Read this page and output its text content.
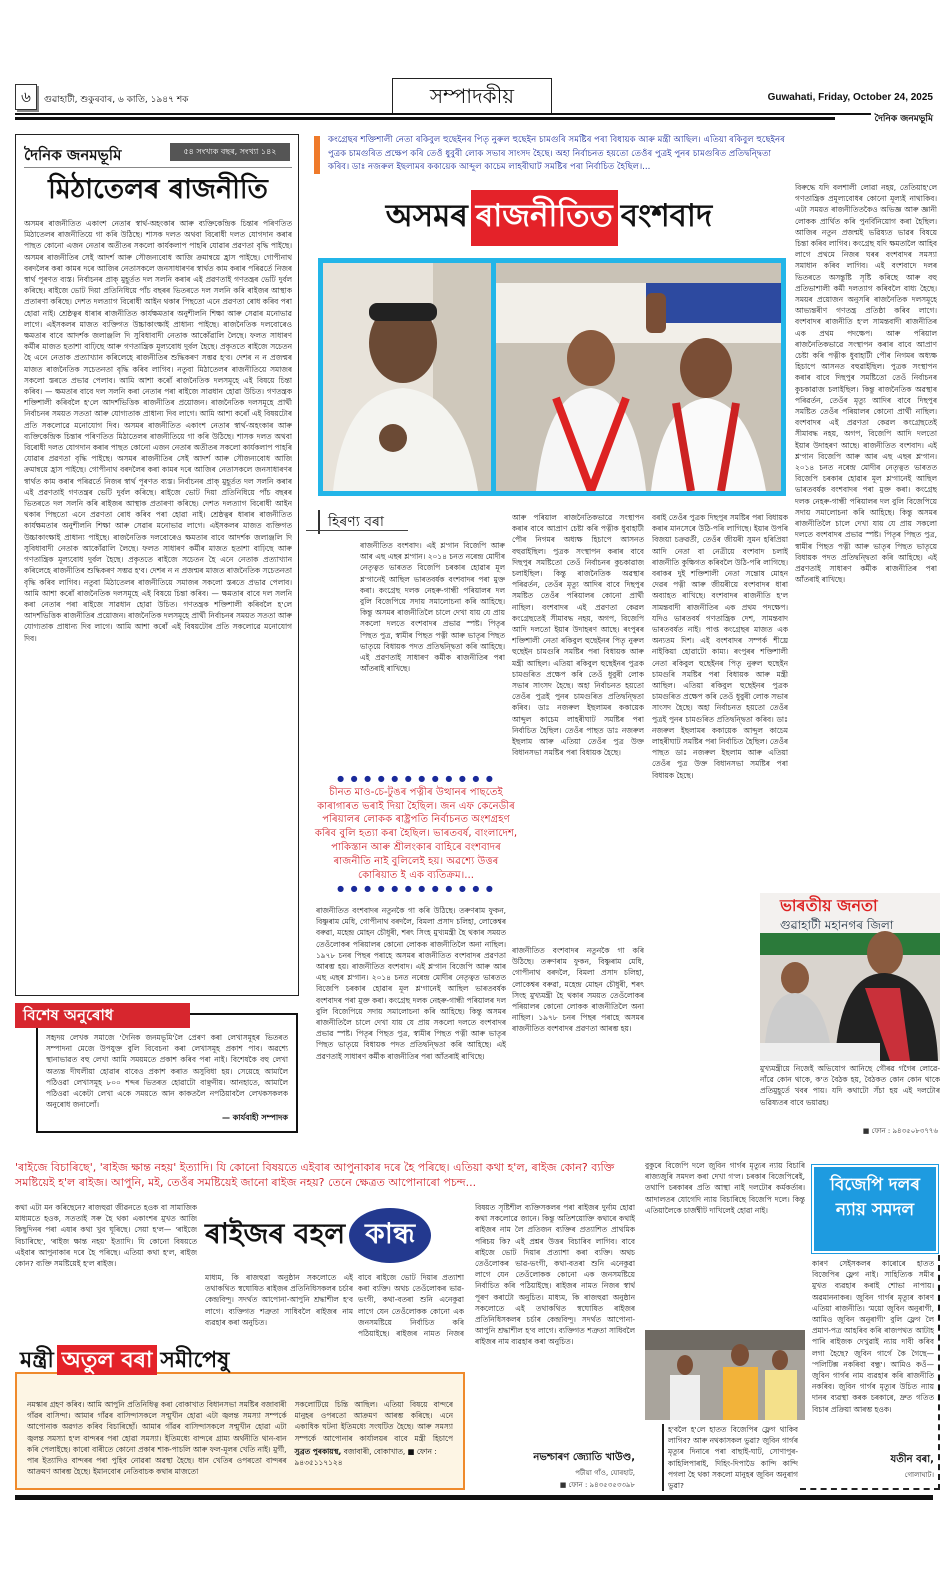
৬	গুৱাহাটী, শুকুৰবাৰ, ৬ কাতি, ১৯৪৭ শক	সম্পাদকীয়	Guwahati, Friday, October 24, 2025
দৈনিক জনমভূমি
দৈনিক জনমভূমি	৫৪ সংখ্যক বছৰ, সংখ্যা ১৪২
মিঠাতেলৰ ৰাজনীতি
অসমৰ ৰাজনীতিত একাংশ নেতাৰ স্বাৰ্থ-অহংকাৰ আৰু ব্যক্তিকেন্দ্ৰিক চিন্তাৰ পৰিণতিত মিঠাতেলৰ ৰাজনীতিয়ে গা কৰি উঠিছে। শাসক দলত অথবা বিৰোধী দলত যোগদান কৰাৰ পাছত কোনো এজন নেতাৰ অতীতৰ সকলো কাৰ্যকলাপ পাহৰি যোৱাৰ প্ৰৱণতা বৃদ্ধি পাইছে। অসমৰ ৰাজনীতিৰ সেই আদৰ্শ আৰু সৌজন্যবোধ আজি ক্ৰমান্বয়ে হ্ৰাস পাইছে। গোপীনাথ বৰদলৈৰ কৰা কামৰ দৰে আজিৰ নেতাসকলে জনসাধাৰণৰ স্বাৰ্থত কাম কৰাৰ পৰিৱৰ্তে নিজৰ স্বাৰ্থ পূৰণত ব্যস্ত। নিৰ্বাচনৰ প্ৰাক্ মুহূৰ্তত দল সলনি কৰাৰ এই প্ৰৱণতাই গণতন্ত্ৰৰ ভেটি দুৰ্বল কৰিছে। ৰাইজে ভোট দিয়া প্ৰতিনিধিয়ে পাঁচ বছৰৰ ভিতৰতে দল সলনি কৰি ৰাইজৰ আস্থাক প্ৰতাৰণা কৰিছে। দেশত দলত্যাগ বিৰোধী আইন থকাৰ পিছতো এনে প্ৰৱণতা ৰোধ কৰিব পৰা হোৱা নাই। শ্ৰেষ্ঠত্বৰ ধাৰাৰ ৰাজনীতিত কাৰ্যক্ষমতাৰ অনুশীলনি শিক্ষা আৰু সেৱাৰ মনোভাৱ লাগে। এইসকলৰ মাজত ব্যক্তিগত উচ্চাকাংক্ষাই প্ৰাধান্য পাইছে। ৰাজনৈতিক দলবোৰেও ক্ষমতাৰ বাবে আদৰ্শক জলাঞ্জলি দি সুবিধাবাদী নেতাক আকোঁৱালি লৈছে। ফলত সাধাৰণ কৰ্মীৰ মাজত হতাশা বাঢ়িছে আৰু গণতান্ত্ৰিক মূল্যবোধ দুৰ্বল হৈছে। প্ৰকৃততে ৰাইজে সচেতন হৈ এনে নেতাক প্ৰত্যাখ্যান কৰিলেহে ৰাজনীতিৰ শুদ্ধিকৰণ সম্ভৱ হ'ব। দেশৰ ন ন প্ৰজন্মৰ মাজত ৰাজনৈতিক সচেতনতা বৃদ্ধি কৰিব লাগিব। নতুবা মিঠাতেলৰ ৰাজনীতিয়ে সমাজৰ সকলো স্তৰতে প্ৰভাৱ পেলাব। আমি আশা কৰোঁ ৰাজনৈতিক দলসমূহে এই বিষয়ে চিন্তা কৰিব। — ক্ষমতাৰ বাবে দল সলনি কৰা নেতাৰ পৰা ৰাইজে সাৱধান হোৱা উচিত। গণতন্ত্ৰক শক্তিশালী কৰিবলৈ হ'লে আদৰ্শভিত্তিক ৰাজনীতিৰ প্ৰয়োজন। ৰাজনৈতিক দলসমূহে প্ৰাৰ্থী নিৰ্বাচনৰ সময়ত সততা আৰু যোগ্যতাক প্ৰাধান্য দিব লাগে। আমি আশা কৰোঁ এই বিষয়টোৰ প্ৰতি সকলোৱে মনোযোগ দিব। অসমৰ ৰাজনীতিত একাংশ নেতাৰ স্বাৰ্থ-অহংকাৰ আৰু ব্যক্তিকেন্দ্ৰিক চিন্তাৰ পৰিণতিত মিঠাতেলৰ ৰাজনীতিয়ে গা কৰি উঠিছে। শাসক দলত অথবা বিৰোধী দলত যোগদান কৰাৰ পাছত কোনো এজন নেতাৰ অতীতৰ সকলো কাৰ্যকলাপ পাহৰি যোৱাৰ প্ৰৱণতা বৃদ্ধি পাইছে। অসমৰ ৰাজনীতিৰ সেই আদৰ্শ আৰু সৌজন্যবোধ আজি ক্ৰমান্বয়ে হ্ৰাস পাইছে। গোপীনাথ বৰদলৈৰ কৰা কামৰ দৰে আজিৰ নেতাসকলে জনসাধাৰণৰ স্বাৰ্থত কাম কৰাৰ পৰিৱৰ্তে নিজৰ স্বাৰ্থ পূৰণত ব্যস্ত। নিৰ্বাচনৰ প্ৰাক্ মুহূৰ্তত দল সলনি কৰাৰ এই প্ৰৱণতাই গণতন্ত্ৰৰ ভেটি দুৰ্বল কৰিছে। ৰাইজে ভোট দিয়া প্ৰতিনিধিয়ে পাঁচ বছৰৰ ভিতৰতে দল সলনি কৰি ৰাইজৰ আস্থাক প্ৰতাৰণা কৰিছে। দেশত দলত্যাগ বিৰোধী আইন থকাৰ পিছতো এনে প্ৰৱণতা ৰোধ কৰিব পৰা হোৱা নাই। শ্ৰেষ্ঠত্বৰ ধাৰাৰ ৰাজনীতিত কাৰ্যক্ষমতাৰ অনুশীলনি শিক্ষা আৰু সেৱাৰ মনোভাৱ লাগে। এইসকলৰ মাজত ব্যক্তিগত উচ্চাকাংক্ষাই প্ৰাধান্য পাইছে। ৰাজনৈতিক দলবোৰেও ক্ষমতাৰ বাবে আদৰ্শক জলাঞ্জলি দি সুবিধাবাদী নেতাক আকোঁৱালি লৈছে। ফলত সাধাৰণ কৰ্মীৰ মাজত হতাশা বাঢ়িছে আৰু গণতান্ত্ৰিক মূল্যবোধ দুৰ্বল হৈছে। প্ৰকৃততে ৰাইজে সচেতন হৈ এনে নেতাক প্ৰত্যাখ্যান কৰিলেহে ৰাজনীতিৰ শুদ্ধিকৰণ সম্ভৱ হ'ব। দেশৰ ন ন প্ৰজন্মৰ মাজত ৰাজনৈতিক সচেতনতা বৃদ্ধি কৰিব লাগিব। নতুবা মিঠাতেলৰ ৰাজনীতিয়ে সমাজৰ সকলো স্তৰতে প্ৰভাৱ পেলাব। আমি আশা কৰোঁ ৰাজনৈতিক দলসমূহে এই বিষয়ে চিন্তা কৰিব। — ক্ষমতাৰ বাবে দল সলনি কৰা নেতাৰ পৰা ৰাইজে সাৱধান হোৱা উচিত। গণতন্ত্ৰক শক্তিশালী কৰিবলৈ হ'লে আদৰ্শভিত্তিক ৰাজনীতিৰ প্ৰয়োজন। ৰাজনৈতিক দলসমূহে প্ৰাৰ্থী নিৰ্বাচনৰ সময়ত সততা আৰু যোগ্যতাক প্ৰাধান্য দিব লাগে। আমি আশা কৰোঁ এই বিষয়টোৰ প্ৰতি সকলোৱে মনোযোগ দিব।
বিশেষ অনুৰোধ
সহৃদয় লেখক সমাজে 'দৈনিক জনমভূমি'লৈ প্ৰেৰণ কৰা লেখাসমূহৰ ভিতৰত সম্পাদনা মেজে উপযুক্ত বুলি বিবেচনা কৰা লেখাসমূহ প্ৰকাশ পাব। অৱশ্যে স্থানাভাৱত বহু লেখা আমি সময়মতে প্ৰকাশ কৰিব পৰা নাই। বিশেষকৈ বহু লেখা অত্যন্ত দীঘলীয়া হোৱাৰ বাবেও প্ৰকাশ কৰাত অসুবিধা হয়। সেয়েহে আমালৈ পঠিওৱা লেখাসমূহ ৮০০ শব্দৰ ভিতৰত হোৱাটো বাঞ্ছনীয়। আনহাতে, আমালৈ পঠিওৱা একেটা লেখা একে সময়তে আন কাকতলৈ নপঠিয়াবলৈ লেখকসকলক অনুৰোধ জনালোঁ।
— কাৰ্যবাহী সম্পাদক
কংগ্ৰেছৰ শক্তিশালী নেতা ৰকিবুল হুছেইনৰ পিতৃ নুৰুল হুছেইন চামগুৰি সমষ্টিৰ পৰা বিধায়ক আৰু মন্ত্ৰী আছিল। এতিয়া ৰকিবুল হুছেইনৰ পুত্ৰক চামগুৰিত প্ৰক্ষেপ কৰি তেওঁ ধুবুৰী লোক সভাৰ সাংসদ হৈছে। অহা নিৰ্বাচনত হয়তো তেওঁৰ পুত্ৰই পুনৰ চামগুৰিত প্ৰতিদ্বন্দ্বিতা কৰিব। ডাঃ নজৰুল ইছলামৰ ককায়েক আব্দুল কাচেম লাহৰীঘাট সমষ্টিৰ পৰা নিৰ্বাচিত হৈছিল।...
অসমৰ ৰাজনীতিত বংশবাদ
হিৰণ্য বৰা
ৰাজনীতিত বংশবাদ। এই শ্ল'গান বিজেপি আৰু আৰ এছ এছৰ শ্ল'গান। ২০১৪ চনত নৰেন্দ্ৰ মোদীৰ নেতৃত্বত ভাৰতত বিজেপি চৰকাৰ হোৱাৰ মূল শ্ল'গানেই আছিল ভাৰতবৰ্ষক বংশবাদৰ পৰা মুক্ত কৰা। কংগ্ৰেছ দলক নেহৰু-গান্ধী পৰিয়ালৰ দল বুলি বিজেপিয়ে সদায় সমালোচনা কৰি আহিছে। কিন্তু অসমৰ ৰাজনীতিলৈ চালে দেখা যায় যে প্ৰায় সকলো দলতে বংশবাদৰ প্ৰভাৱ স্পষ্ট। পিতৃৰ পিছত পুত্ৰ, স্বামীৰ পিছত পত্নী আৰু ভাতৃৰ পিছত ভাতৃয়ে বিধায়ক পদত প্ৰতিদ্বন্দ্বিতা কৰি আহিছে। এই প্ৰৱণতাই সাধাৰণ কৰ্মীক ৰাজনীতিৰ পৰা আঁতৰাই ৰাখিছে।
আৰু পৰিয়াল ৰাজনৈতিকভাৱে সংস্থাপন কৰাৰ বাবে আপ্ৰাণ চেষ্টা কৰি পত্নীক ধুবাহাটী পৌৰ নিগমৰ অধ্যক্ষ হিচাপে আসনত বহুৱাইছিল। পুত্ৰক সংস্থাপন কৰাৰ বাবে দিছপুৰ সমষ্টিতো তেওঁ নিৰ্বাচনৰ কুচকাৱাজ চলাইছিল। কিন্তু ৰাজনৈতিক অৱস্থাৰ পৰিৱৰ্তন, তেওঁৰ মৃত্যু আদিৰ বাবে দিছপুৰ সমষ্টিত তেওঁৰ পৰিয়ালৰ কোনো প্ৰাৰ্থী নাছিল। বংশবাদৰ এই প্ৰৱণতা কেৱল কংগ্ৰেছতেই সীমাবদ্ধ নহয়, অগপ, বিজেপি আদি দলতো ইয়াৰ উদাহৰণ আছে। ৰংপুৰৰ শক্তিশালী নেতা ৰকিবুল হুছেইনৰ পিতৃ নুৰুল হুছেইন চামগুৰি সমষ্টিৰ পৰা বিধায়ক আৰু মন্ত্ৰী আছিল। এতিয়া ৰকিবুল হুছেইনৰ পুত্ৰক চামগুৰিত প্ৰক্ষেপ কৰি তেওঁ ধুবুৰী লোক সভাৰ সাংসদ হৈছে। অহা নিৰ্বাচনত হয়তো তেওঁৰ পুত্ৰই পুনৰ চামগুৰিত প্ৰতিদ্বন্দ্বিতা কৰিব। ডাঃ নজৰুল ইছলামৰ ককায়েক আব্দুল কাচেম লাহৰীঘাট সমষ্টিৰ পৰা নিৰ্বাচিত হৈছিল। তেওঁৰ পাছত ডাঃ নজৰুল ইছলাম আৰু এতিয়া তেওঁৰ পুত্ৰ উক্ত বিধানসভা সমষ্টিৰ পৰা বিধায়ক হৈছে।
বৰাই তেওঁৰ পুত্ৰক দিছপুৰ সমষ্টিৰ পৰা বিধায়ক কৰাৰ মানসেৰে উঠি-পৰি লাগিছে। ইয়াৰ উপৰি বিজয়া চক্ৰৱৰ্তী, তেওঁৰ জীয়ৰী সুমন হৰিপ্ৰিয়া আদি নেতা বা নেত্ৰীয়ে বংশবাদ চলাই ৰাজনীতি কুক্ষিগত কৰিবলৈ উঠি-পৰি লাগিছে। বৰাকৰ দুই শক্তিশালী নেতা সন্তোষ মোহন দেৱৰ পত্নী আৰু জীয়ৰীয়ে বংশবাদৰ ধাৰা অব্যাহত ৰাখিছে। বংশবাদৰ ৰাজনীতি হ'ল সামন্তবাদী ৰাজনীতিৰ এক প্ৰথম পদক্ষেপ। যদিও ভাৰতবৰ্ষ গণতান্ত্ৰিক দেশ, সামন্তবাদ ভাৰতবৰ্ষত নাই। পাপ্ত কংগ্ৰেছৰ মাজত এক অন্যতম দিশ। এই বংশবাদৰ সম্পৰ্ক শীঘ্ৰে নাইকিয়া হোৱাটো কাম্য। ৰংপুৰৰ শক্তিশালী নেতা ৰকিবুল হুছেইনৰ পিতৃ নুৰুল হুছেইন চামগুৰি সমষ্টিৰ পৰা বিধায়ক আৰু মন্ত্ৰী আছিল। এতিয়া ৰকিবুল হুছেইনৰ পুত্ৰক চামগুৰিত প্ৰক্ষেপ কৰি তেওঁ ধুবুৰী লোক সভাৰ সাংসদ হৈছে। অহা নিৰ্বাচনত হয়তো তেওঁৰ পুত্ৰই পুনৰ চামগুৰিত প্ৰতিদ্বন্দ্বিতা কৰিব। ডাঃ নজৰুল ইছলামৰ ককায়েক আব্দুল কাচেম লাহৰীঘাট সমষ্টিৰ পৰা নিৰ্বাচিত হৈছিল। তেওঁৰ পাছত ডাঃ নজৰুল ইছলাম আৰু এতিয়া তেওঁৰ পুত্ৰ উক্ত বিধানসভা সমষ্টিৰ পৰা বিধায়ক হৈছে।
● ● ● ● ● ● ● ● ● ● ● ●
চীনত মাও-চে-টুঙৰ পত্নীৰ উত্থানৰ পাছতেই কাৰাগাৰত ভৰাই দিয়া হৈছিল। জন এফ কেনেডীৰ পৰিয়ালৰ লোকক ৰাষ্ট্ৰপতি নিৰ্বাচনত অংশগ্ৰহণ কৰিব বুলি হত্যা কৰা হৈছিল। ভাৰতবৰ্ষ, বাংলাদেশ, পাকিস্তান আৰু শ্ৰীলংকাৰ বাহিৰে বংশবাদৰ ৰাজনীতি নাই বুলিলেই হয়। অৱশ্যে উত্তৰ কোৰিয়াত ই এক ব্যতিক্ৰম।...
● ● ● ● ● ● ● ● ● ● ● ●
ৰাজনীতিত বংশবাদৰ নতুনকৈ গা কৰি উঠিছে। তৰুণৰাম ফুকন, বিষ্ণুৰাম মেধি, গোপীনাথ বৰদলৈ, বিমলা প্ৰসাদ চলিহা, লোকেশ্বৰ বৰুৱা, মহেন্দ্ৰ মোহন চৌধুৰী, শৰৎ সিংহ মুখ্যমন্ত্ৰী হৈ থকাৰ সময়ত তেওঁলোকৰ পৰিয়ালৰ কোনো লোকক ৰাজনীতিলৈ অনা নাছিল। ১৯৭৮ চনৰ পিছৰ পৰাহে অসমৰ ৰাজনীতিত বংশবাদৰ প্ৰৱণতা আৰম্ভ হয়। ৰাজনীতিত বংশবাদ। এই শ্ল'গান বিজেপি আৰু আৰ এছ এছৰ শ্ল'গান। ২০১৪ চনত নৰেন্দ্ৰ মোদীৰ নেতৃত্বত ভাৰতত বিজেপি চৰকাৰ হোৱাৰ মূল শ্ল'গানেই আছিল ভাৰতবৰ্ষক বংশবাদৰ পৰা মুক্ত কৰা। কংগ্ৰেছ দলক নেহৰু-গান্ধী পৰিয়ালৰ দল বুলি বিজেপিয়ে সদায় সমালোচনা কৰি আহিছে। কিন্তু অসমৰ ৰাজনীতিলৈ চালে দেখা যায় যে প্ৰায় সকলো দলতে বংশবাদৰ প্ৰভাৱ স্পষ্ট। পিতৃৰ পিছত পুত্ৰ, স্বামীৰ পিছত পত্নী আৰু ভাতৃৰ পিছত ভাতৃয়ে বিধায়ক পদত প্ৰতিদ্বন্দ্বিতা কৰি আহিছে। এই প্ৰৱণতাই সাধাৰণ কৰ্মীক ৰাজনীতিৰ পৰা আঁতৰাই ৰাখিছে।
ৰাজনীতিত বংশবাদৰ নতুনকৈ গা কৰি উঠিছে। তৰুণৰাম ফুকন, বিষ্ণুৰাম মেধি, গোপীনাথ বৰদলৈ, বিমলা প্ৰসাদ চলিহা, লোকেশ্বৰ বৰুৱা, মহেন্দ্ৰ মোহন চৌধুৰী, শৰৎ সিংহ মুখ্যমন্ত্ৰী হৈ থকাৰ সময়ত তেওঁলোকৰ পৰিয়ালৰ কোনো লোকক ৰাজনীতিলৈ অনা নাছিল। ১৯৭৮ চনৰ পিছৰ পৰাহে অসমৰ ৰাজনীতিত বংশবাদৰ প্ৰৱণতা আৰম্ভ হয়।
বিৰুদ্ধে যদি বলশালী লোৱা নহয়, তেতিয়াহ'লে গণতান্ত্ৰিক প্ৰমূল্যবোধৰ কোনো মূল্যই নাথাকিব। এটা সময়ত ৰাজনীতিতকৈও অভিজ্ঞ আৰু জ্ঞানী লোকক প্ৰাৰ্থিত কৰি পুনৰ্বিনিয়োগ কৰা হৈছিল। আজিৰ নতুন প্ৰজন্মই ভৱিষ্যত ভাৱৰ বিষয়ে চিন্তা কৰিব লাগিব। কংগ্ৰেছ যদি ক্ষমতালৈ আহিব লাগে প্ৰথমে নিজৰ ঘৰৰ বংশবাদৰ সমস্যা সমাধান কৰিব লাগিব। এই বংশবাদে দলৰ ভিতৰতে অসন্তুষ্টি সৃষ্টি কৰিছে আৰু বহু প্ৰতিভাশালী কৰ্মী দলত্যাগ কৰিবলৈ বাধ্য হৈছে। সময়ৰ প্ৰয়োজন অনুসৰি ৰাজনৈতিক দলসমূহে আভ্যন্তৰীণ গণতন্ত্ৰ প্ৰতিষ্ঠা কৰিব লাগে। বংশবাদৰ ৰাজনীতি হ'ল সামন্তবাদী ৰাজনীতিৰ এক প্ৰথম পদক্ষেপ। আৰু পৰিয়াল ৰাজনৈতিকভাৱে সংস্থাপন কৰাৰ বাবে আপ্ৰাণ চেষ্টা কৰি পত্নীক ধুবাহাটী পৌৰ নিগমৰ অধ্যক্ষ হিচাপে আসনত বহুৱাইছিল। পুত্ৰক সংস্থাপন কৰাৰ বাবে দিছপুৰ সমষ্টিতো তেওঁ নিৰ্বাচনৰ কুচকাৱাজ চলাইছিল। কিন্তু ৰাজনৈতিক অৱস্থাৰ পৰিৱৰ্তন, তেওঁৰ মৃত্যু আদিৰ বাবে দিছপুৰ সমষ্টিত তেওঁৰ পৰিয়ালৰ কোনো প্ৰাৰ্থী নাছিল। বংশবাদৰ এই প্ৰৱণতা কেৱল কংগ্ৰেছতেই সীমাবদ্ধ নহয়, অগপ, বিজেপি আদি দলতো ইয়াৰ উদাহৰণ আছে। ৰাজনীতিত বংশবাদ। এই শ্ল'গান বিজেপি আৰু আৰ এছ এছৰ শ্ল'গান। ২০১৪ চনত নৰেন্দ্ৰ মোদীৰ নেতৃত্বত ভাৰতত বিজেপি চৰকাৰ হোৱাৰ মূল শ্ল'গানেই আছিল ভাৰতবৰ্ষক বংশবাদৰ পৰা মুক্ত কৰা। কংগ্ৰেছ দলক নেহৰু-গান্ধী পৰিয়ালৰ দল বুলি বিজেপিয়ে সদায় সমালোচনা কৰি আহিছে। কিন্তু অসমৰ ৰাজনীতিলৈ চালে দেখা যায় যে প্ৰায় সকলো দলতে বংশবাদৰ প্ৰভাৱ স্পষ্ট। পিতৃৰ পিছত পুত্ৰ, স্বামীৰ পিছত পত্নী আৰু ভাতৃৰ পিছত ভাতৃয়ে বিধায়ক পদত প্ৰতিদ্বন্দ্বিতা কৰি আহিছে। এই প্ৰৱণতাই সাধাৰণ কৰ্মীক ৰাজনীতিৰ পৰা আঁতৰাই ৰাখিছে।
ভাৰতীয় জনতা
গুৱাহাটী মহানগৰ জিলা
মুখ্যমন্ত্ৰীয়ে নিজেই অভিযোগ আনিছে গৌৰৱ গগৈৰ লোৱে-নাঁৱে কোন থাকে, ক'ত বৈঠক হয়, বৈঠকত কোন কোন থাকে প্ৰতিমুহূৰ্তে খবৰ পায়। যদি কথাটো সঁচা হয় এই দলটোৰ ভৱিষ্যতৰ বাবে ভয়াৱহ।
■ ফোন : ৯৪৩৫০৮৩৭৭৬
'ৰাইজে বিচাৰিছে', 'ৰাইজ ক্ষান্ত নহয়' ইত্যাদি। যি কোনো বিষয়তে এইবাৰ আপুনাকাৰ দৰে হৈ পৰিছে। এতিয়া কথা হ'ল, ৰাইজ কোন? ব্যক্তি সমষ্টিয়েই হ'ল ৰাইজ। আপুনি, মই, তেওঁৰ সমষ্টিয়েই জানো ৰাইজ নহয়? তেনে ক্ষেত্ৰত আপোনাৰো পচন্দ...
ৰাইজৰ বহল কান্ধ
কথা এটা মন কৰিছেনে? ৰাজহুৱা জীৱনতে হওক বা সামাজিক মাধ্যমতে হওক, সততাই সৰু হৈ থকা একাংশৰ মুখত আজি কিছুদিনৰ পৰা এষাৰ কথা খুব ঘূৰিছে। সেয়া হ'ল— 'ৰাইজে বিচাৰিছে', 'ৰাইজ ক্ষান্ত নহয়' ইত্যাদি। যি কোনো বিষয়তে এইবাৰ আপুনাকাৰ দৰে হৈ পৰিছে। এতিয়া কথা হ'ল, ৰাইজ কোন? ব্যক্তি সমষ্টিয়েই হ'ল ৰাইজ।
মাধ্যম, কি ৰাজহুৱা অনুষ্ঠান সকলোতে এই তথাকথিত স্বঘোষিত ৰাইজৰ প্ৰতিনিধিসকলৰ চৰ্চাৰ কেন্দ্ৰবিন্দু। সদৰ্থত আপোনা-আপুনি শ্ৰদ্ধাশীল হ'ব লাগে। ব্যক্তিগত শত্ৰুতা সাধিবলৈ ৰাইজৰ নাম ব্যৱহাৰ কৰা অনুচিত।
বাবে ৰাইজে ভোট দিয়াৰ প্ৰত্যাশা কৰা ব্যক্তি। অথচ তেওঁলোকৰ ভাৱ-ভংগী, কথা-বতৰা শুনি এনেকুৱা লাগে যেন তেওঁলোকক কোনো এক জনসমষ্টিয়ে নিৰ্বাচিত কৰি পঠিয়াইছে। ৰাইজৰ নামত নিজৰ
বিষয়ত সৃষ্টিশীল ব্যক্তিসকলৰ পৰা ৰাইজৰ দুৰ্নাম হোৱা কথা সকলোৱে জানে। কিন্তু অতিশয়োক্তি কথাৰে কথাই ৰাইজৰ নাম লৈ প্ৰতিজন ব্যক্তিৰ প্ৰত্যাশিত প্ৰাথমিক পৰিচয় কি? এই প্ৰশ্নৰ উত্তৰ বিচাৰিব লাগিব। বাবে ৰাইজে ভোট দিয়াৰ প্ৰত্যাশা কৰা ব্যক্তি। অথচ তেওঁলোকৰ ভাৱ-ভংগী, কথা-বতৰা শুনি এনেকুৱা লাগে যেন তেওঁলোকক কোনো এক জনসমষ্টিয়ে নিৰ্বাচিত কৰি পঠিয়াইছে। ৰাইজৰ নামত নিজৰ স্বাৰ্থ পূৰণ কৰাটো অনুচিত। মাধ্যম, কি ৰাজহুৱা অনুষ্ঠান সকলোতে এই তথাকথিত স্বঘোষিত ৰাইজৰ প্ৰতিনিধিসকলৰ চৰ্চাৰ কেন্দ্ৰবিন্দু। সদৰ্থত আপোনা-আপুনি শ্ৰদ্ধাশীল হ'ব লাগে। ব্যক্তিগত শত্ৰুতা সাধিবলৈ ৰাইজৰ নাম ব্যৱহাৰ কৰা অনুচিত।
নভশ্চাৰণ জ্যোতি খাউণ্ড,
পটীয়া গাঁও, যোৰহাট,
■ ফোন : ৯৪৩৫৩৫৩৩৯৮
বুকুৰে বিজেপি দলে জুবিন গাৰ্গৰ মৃত্যুৰ ন্যায় বিচাৰি ৰাজ্যজুৰি সমদল কৰা দেখা গ'ল। চৰকাৰ বিজেপিৰেই, তথাপি চৰকাৰৰ প্ৰতি আস্থা নাই দলটোৰ কৰ্মকৰ্তাৰ। আদালতৰ যোগেদি ন্যায় বিচাৰিছে বিজেপি দলে। কিন্তু এতিয়ালৈকে চাৰ্জশ্বীট দাখিলেই হোৱা নাই।
হ'বলৈ হ'লে হাতত বিজেপিৰ ফ্লেগ থাকিব লাগিব? আৰু নথকাসকল ভুৱা? জুবিন গাৰ্গৰ মৃত্যুৰ দিনাৰে পৰা বাছাই-ঘাট, সোণাপুৰ-কাহিলিপাৰাই, দিহিং-দিপাডৈ কান্দি কান্দি পগলা হৈ থকা সকলো মানুহৰ জুবিন অনুৰাগ ভুৱা?
বিজেপি দলৰ ন্যায় সমদল
কাৰণ সেইসকলৰ কাৰোৰে হাতত বিজেপিৰ ফ্লেগ নাই। সাহিত্যিক সমীৰ মুখত ব্যৱহাৰ কৰাই শোভা নাপায়। অৱমাননাকৰ। জুবিন গাৰ্গৰ মৃত্যুৰ কাৰণ এতিয়া ৰাজনীতি। 'ময়ো জুবিন অনুৰাগী, আমিও জুবিন অনুৰাগী' বুলি ফ্লেগ লৈ প্ৰমাণ-পত্ৰ আহৰিব কৰি ৰাজপথত আটাহ পাৰি ৰাইজক দেখুৱাই ন্যায় দাবী কৰিব লগা হৈছে? জুবিন গাৰ্গে কৈ গৈছে— 'পলিটিক্স নকৰিবা বন্ধু'। আমিও কওঁ— জুবিন গাৰ্গৰ নাম ব্যৱহাৰ কৰি ৰাজনীতি নকৰিব। জুবিন গাৰ্গৰ মৃত্যুৰ উচিত ন্যায় দানৰ ব্যৱস্থা কৰক চৰকাৰে, দ্ৰুত গতিত বিচাৰ প্ৰক্ৰিয়া আৰম্ভ হওক।
যতীন বৰা,
গোলাঘাট।
নমস্কাৰ গ্ৰহণ কৰিব। আমি আপুনি প্ৰতিনিধিত্ব কৰা বোকাখাত বিধানসভা সমষ্টিৰ বজাবাৰী গাঁৱৰ বাসিন্দা। আমাৰ গাঁৱৰ বাসিন্দাসকলে সন্মুখীন হোৱা এটা জ্বলন্ত সমস্যা সম্পৰ্কে আপোনাক অৱগত কৰিব বিচাৰিছোঁ। আমাৰ গাঁৱৰ বাসিন্দাসকলে সন্মুখীন হোৱা এটা জ্বলন্ত সমস্যা হ'ল বান্দৰৰ পৰা হোৱা সমস্যা। ইতিমধ্যে বান্দৰে গ্ৰাম্য অৰ্থনীতি থান-বান কৰি পেলাইছে। কাৰো বাৰীতে কোনো প্ৰকাৰ শাক-পাচলি আৰু ফল-মূলৰ খেতি নাই। মুৰ্গী, পাৰ ইত্যাদিও বান্দৰৰ পৰা পুহিব নোৱৰা অৱস্থা হৈছে। ধান খেতিৰ ওপৰতো বান্দৰৰ আক্ৰমণ আৰম্ভ হৈছে। ইমানবোৰ নেতিবাচক কথাৰ মাজতো
সকলোটিয়ে চিন্তি আছিল। এতিয়া বিষয়ে বান্দৰে মানুহৰ ওপৰতো আক্ৰমণ আৰম্ভ কৰিছে। এনে একাধিক ঘটনা ইতিমধ্যে সংঘটিত হৈছে। আৰু সমস্যা সম্পৰ্কে আপোনাৰ কাৰ্যালয়ৰ বাবে মন্ত্ৰী হিচাপে
সুব্ৰত পুৰকায়স্থ, বজাবাৰী, বোকাখাত, ■ ফোন : ৯৪৩৫১১৭১২৪
মন্ত্ৰী অতুল বৰা সমীপেষু
